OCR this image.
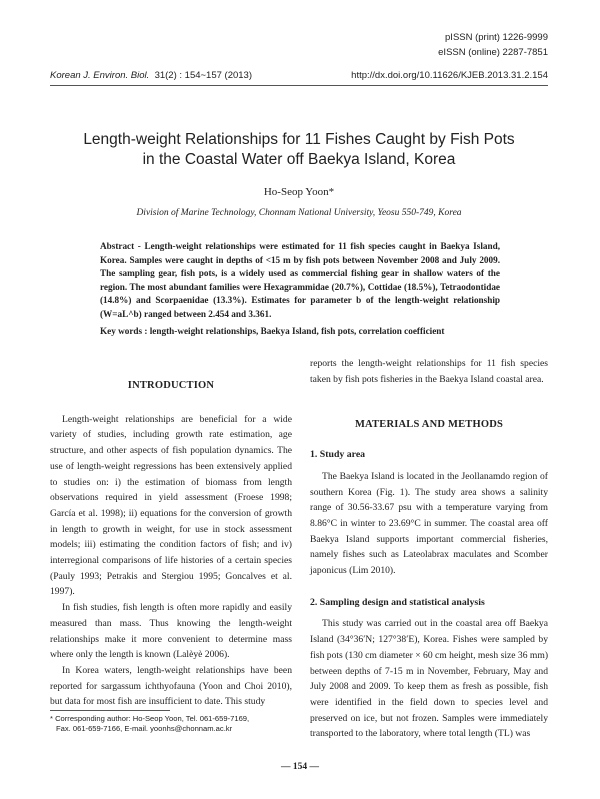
pISSN (print) 1226-9999
eISSN (online) 2287-7851
Korean J. Environ. Biol. 31(2) : 154~157 (2013)	http://dx.doi.org/10.11626/KJEB.2013.31.2.154
Length-weight Relationships for 11 Fishes Caught by Fish Pots
in the Coastal Water off Baekya Island, Korea
Ho-Seop Yoon*
Division of Marine Technology, Chonnam National University, Yeosu 550-749, Korea
Abstract - Length-weight relationships were estimated for 11 fish species caught in Baekya Island, Korea. Samples were caught in depths of <15 m by fish pots between November 2008 and July 2009. The sampling gear, fish pots, is a widely used as commercial fishing gear in shallow waters of the region. The most abundant families were Hexagrammidae (20.7%), Cottidae (18.5%), Tetraodontidae (14.8%) and Scorpaenidae (13.3%). Estimates for parameter b of the length-weight relationship (W=aL^b) ranged between 2.454 and 3.361.
Key words : length-weight relationships, Baekya Island, fish pots, correlation coefficient
INTRODUCTION

Length-weight relationships are beneficial for a wide variety of studies, including growth rate estimation, age structure, and other aspects of fish population dynamics. The use of length-weight regressions has been extensively applied to studies on: i) the estimation of biomass from length observations required in yield assessment (Froese 1998; García et al. 1998); ii) equations for the conversion of growth in length to growth in weight, for use in stock assessment models; iii) estimating the condition factors of fish; and iv) interregional comparisons of life histories of a certain species (Pauly 1993; Petrakis and Stergiou 1995; Goncalves et al. 1997).

In fish studies, fish length is often more rapidly and easily measured than mass. Thus knowing the length-weight relationships make it more convenient to determine mass where only the length is known (Lalèyè 2006).

In Korea waters, length-weight relationships have been reported for sargassum ichthyofauna (Yoon and Choi 2010), but data for most fish are insufficient to date. This study

reports the length-weight relationships for 11 fish species taken by fish pots fisheries in the Baekya Island coastal area.

MATERIALS AND METHODS
1. Study area

The Baekya Island is located in the Jeollanamdo region of southern Korea (Fig. 1). The study area shows a salinity range of 30.56-33.67 psu with a temperature varying from 8.86°C in winter to 23.69°C in summer. The coastal area off Baekya Island supports important commercial fisheries, namely fishes such as Lateolabrax maculates and Scomber japonicus (Lim 2010).

2. Sampling design and statistical analysis

This study was carried out in the coastal area off Baekya Island (34°36′N; 127°38′E), Korea. Fishes were sampled by fish pots (130 cm diameter × 60 cm height, mesh size 36 mm) between depths of 7-15 m in November, February, May and July 2008 and 2009. To keep them as fresh as possible, fish were identified in the field down to species level and preserved on ice, but not frozen. Samples were immediately transported to the laboratory, where total length (TL) was

* Corresponding author: Ho-Seop Yoon, Tel. 061-659-7169,
Fax. 061-659-7166, E-mail. yoonhs@chonnam.ac.kr
— 154 —
